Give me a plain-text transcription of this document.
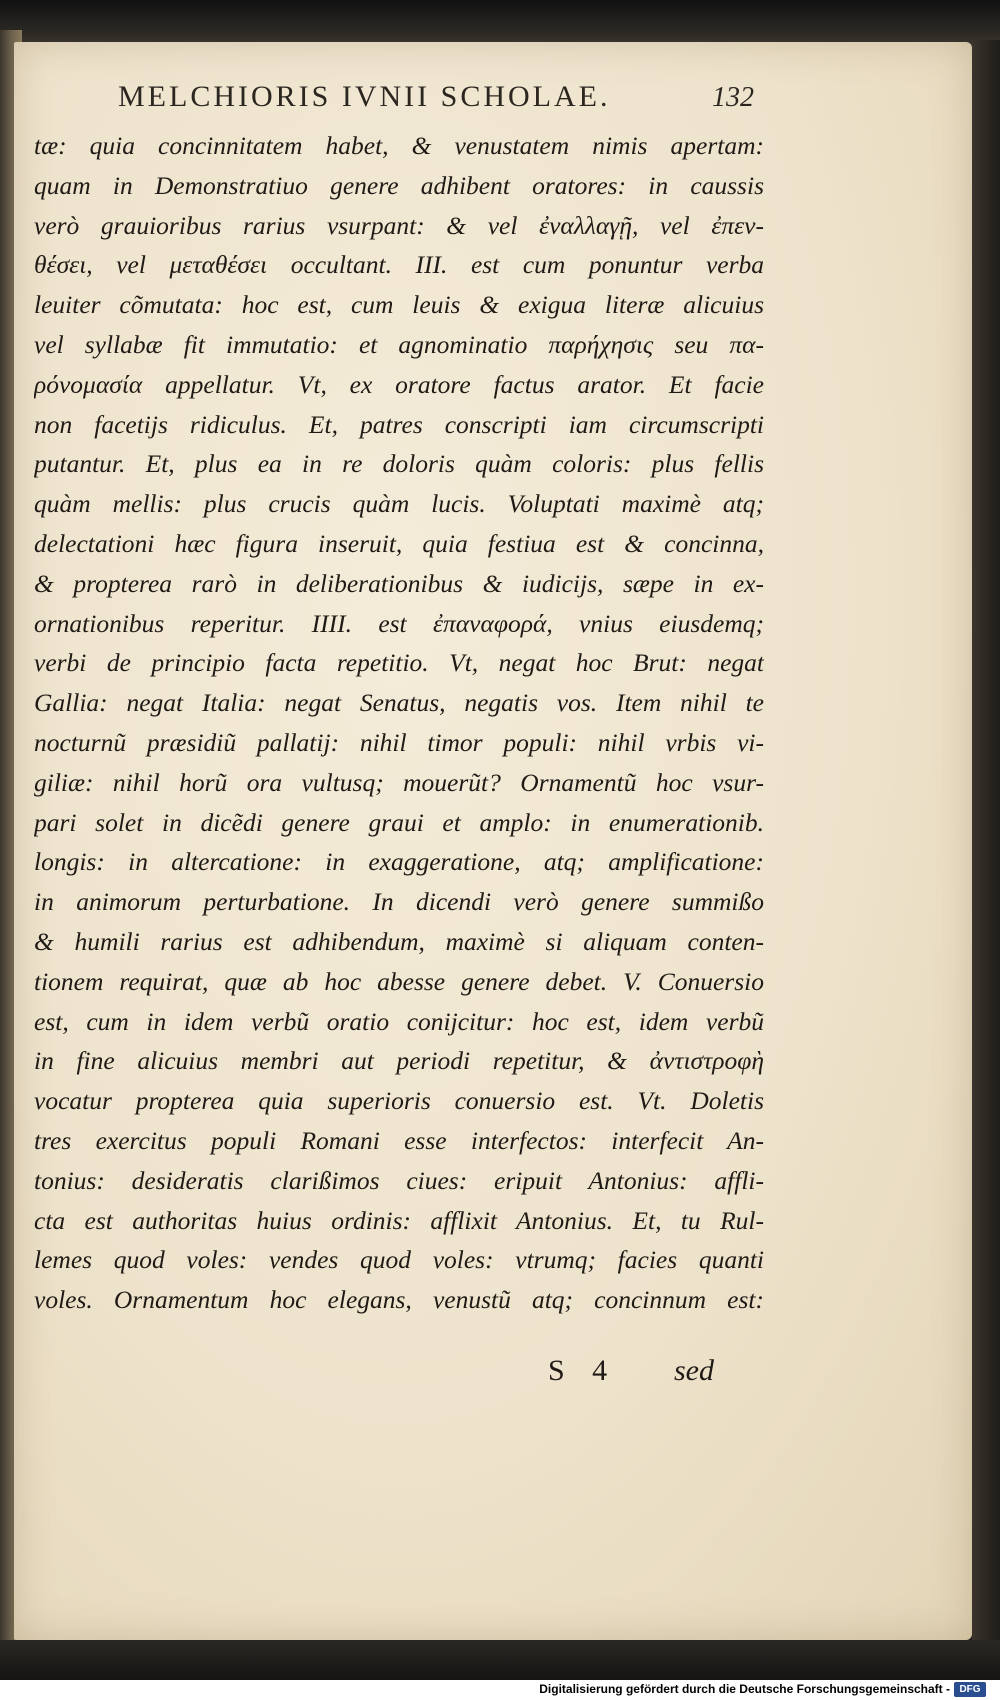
MELCHIORIS IVNII SCHOLAE.	132
tæ: quia concinnitatem habet, & venustatem nimis apertam:
quam in Demonstratiuo genere adhibent oratores: in caussis
verò grauioribus rarius vsurpant: & vel ἐναλλαγῇ, vel ἐπεν-
θέσει, vel μεταθέσει occultant. III. est cum ponuntur verba
leuiter cõmutata: hoc est, cum leuis & exigua literæ alicuius
vel syllabæ fit immutatio: et agnominatio παρήχησις seu πα-
ρόνομασία appellatur. Vt, ex oratore factus arator. Et facie
non facetijs ridiculus. Et, patres conscripti iam circumscripti
putantur. Et, plus ea in re doloris quàm coloris: plus fellis
quàm mellis: plus crucis quàm lucis. Voluptati maximè atq;
delectationi hæc figura inseruit, quia festiua est & concinna,
& propterea rarò in deliberationibus & iudicijs, sæpe in ex-
ornationibus reperitur. IIII. est ἐπαναφορά, vnius eiusdemq;
verbi de principio facta repetitio. Vt, negat hoc Brut: negat
Gallia: negat Italia: negat Senatus, negatis vos. Item nihil te
nocturnũ præsidiũ pallatij: nihil timor populi: nihil vrbis vi-
giliæ: nihil horũ ora vultusq; mouerũt? Ornamentũ hoc vsur-
pari solet in dicẽdi genere graui et amplo: in enumerationib.
longis: in altercatione: in exaggeratione, atq; amplificatione:
in animorum perturbatione. In dicendi verò genere summißo
& humili rarius est adhibendum, maximè si aliquam conten-
tionem requirat, quæ ab hoc abesse genere debet. V. Conuersio
est, cum in idem verbũ oratio conijcitur: hoc est, idem verbũ
in fine alicuius membri aut periodi repetitur, & ἀντιστροφὴ
vocatur propterea quia superioris conuersio est. Vt. Doletis
tres exercitus populi Romani esse interfectos: interfecit An-
tonius: desideratis clarißimos ciues: eripuit Antonius: affli-
cta est authoritas huius ordinis: afflixit Antonius. Et, tu Rul-
lemes quod voles: vendes quod voles: vtrumq; facies quanti
voles. Ornamentum hoc elegans, venustũ atq; concinnum est:
S 4 sed
Digitalisierung gefördert durch die Deutsche Forschungsgemeinschaft - DFG
